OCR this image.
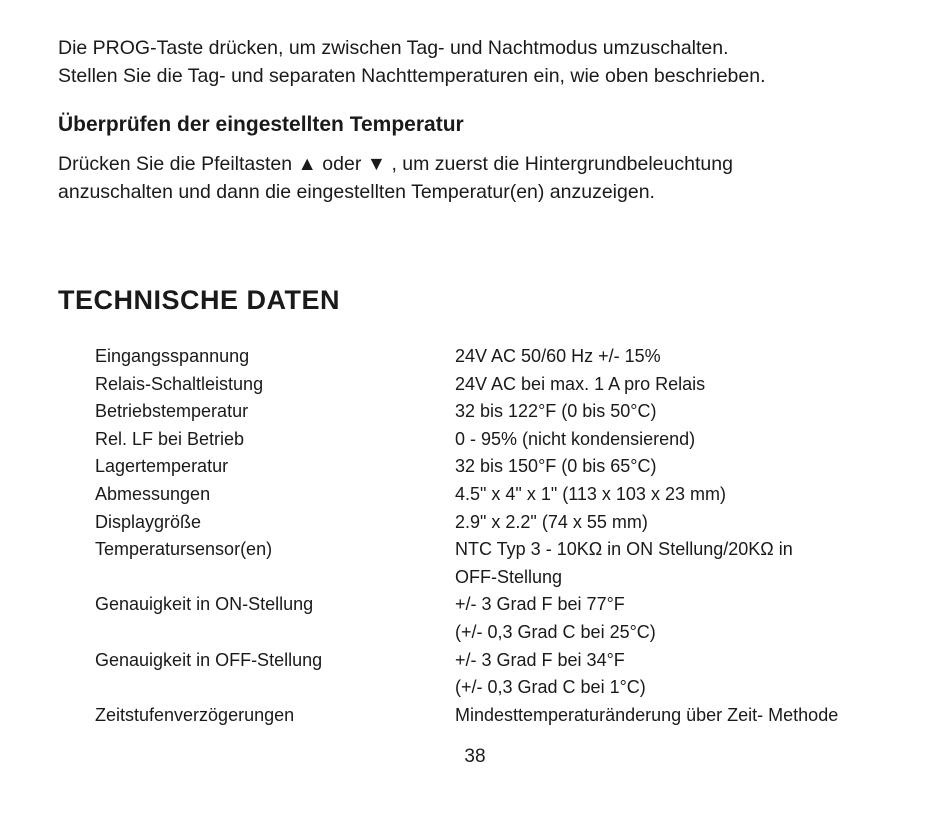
Die PROG-Taste drücken, um zwischen Tag- und Nachtmodus umzuschalten.
Stellen Sie die Tag- und separaten Nachttemperaturen ein, wie oben beschrieben.

Überprüfen der eingestellten Temperatur

Drücken Sie die Pfeiltasten ▲ oder ▼ , um zuerst die Hintergrundbeleuchtung
anzuschalten und dann die eingestellten Temperatur(en) anzuzeigen.

TECHNISCHE DATEN
Eingangsspannung	24V AC 50/60 Hz +/- 15%
Relais-Schaltleistung	24V AC bei max. 1 A pro Relais
Betriebstemperatur	32 bis 122°F (0 bis 50°C)
Rel. LF bei Betrieb	0 - 95% (nicht kondensierend)
Lagertemperatur	32 bis 150°F (0 bis 65°C)
Abmessungen	4.5" x 4" x 1" (113 x 103 x 23 mm)
Displaygröße	2.9" x 2.2" (74 x 55 mm)
Temperatursensor(en)	NTC Typ 3 - 10KΩ in ON Stellung/20KΩ in
	OFF-Stellung
Genauigkeit in ON-Stellung	+/- 3 Grad F bei 77°F
	(+/- 0,3 Grad C bei 25°C)
Genauigkeit in OFF-Stellung	+/- 3 Grad F bei 34°F
	(+/- 0,3 Grad C bei 1°C)
Zeitstufenverzögerungen	Mindesttemperaturänderung über Zeit- Methode

38
